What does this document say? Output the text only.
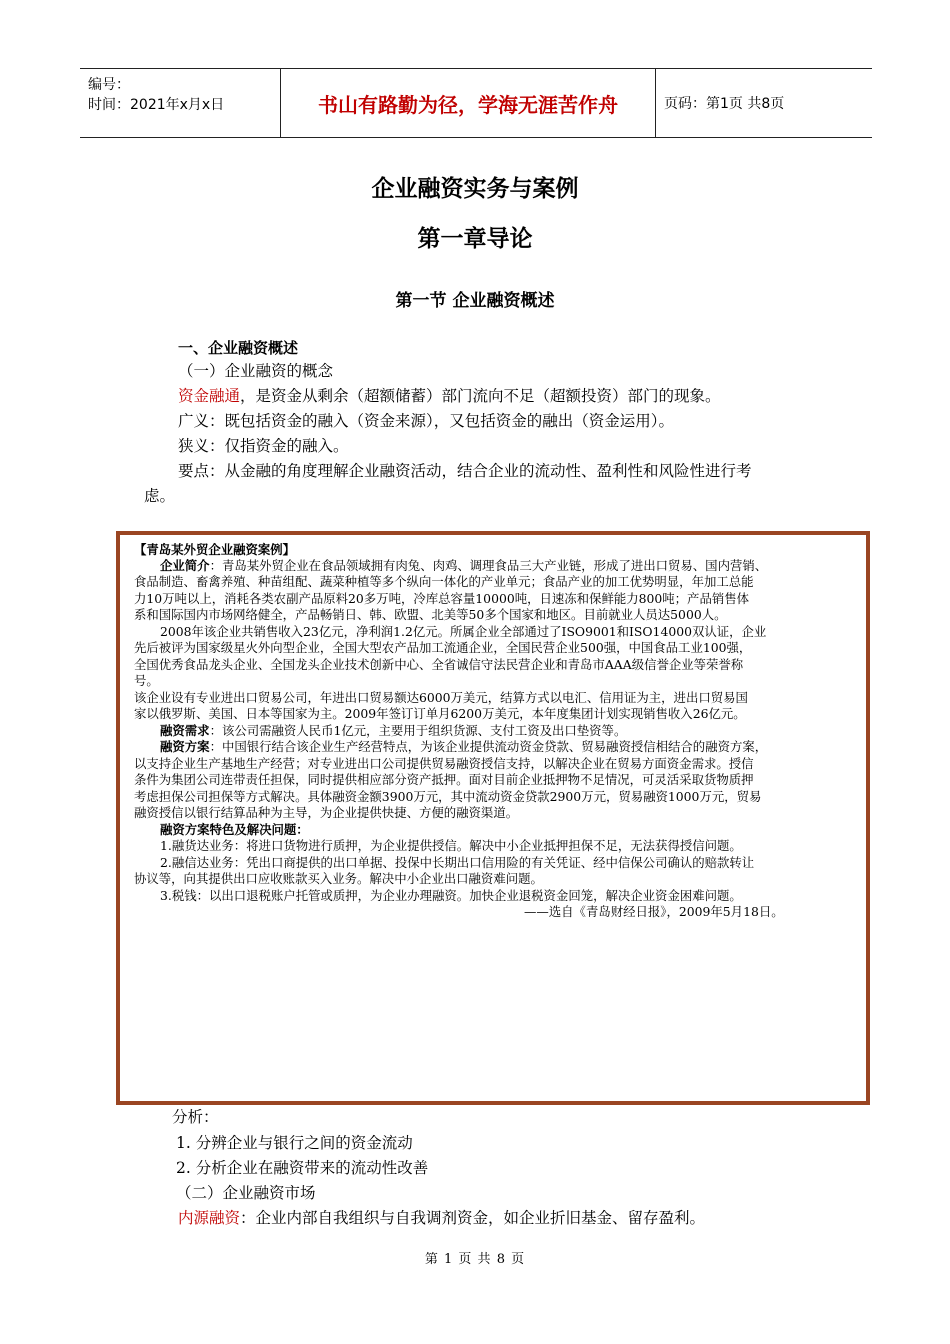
编号：
时间：2021年x月x日	书山有路勤为径，学海无涯苦作舟	页码：第1页 共8页
企业融资实务与案例
第一章导论
第一节 企业融资概述
一、企业融资概述
（一）企业融资的概念
资金融通，是资金从剩余（超额储蓄）部门流向不足（超额投资）部门的现象。
广义：既包括资金的融入（资金来源），又包括资金的融出（资金运用）。
狭义：仅指资金的融入。
要点：从金融的角度理解企业融资活动，结合企业的流动性、盈利性和风险性进行考
虑。
【青岛某外贸企业融资案例】
企业简介：青岛某外贸企业在食品领域拥有肉兔、肉鸡、调理食品三大产业链，形成了进出口贸易、国内营销、
食品制造、畜禽养殖、种苗组配、蔬菜种植等多个纵向一体化的产业单元；食品产业的加工优势明显，年加工总能
力10万吨以上，消耗各类农副产品原料20多万吨，冷库总容量10000吨，日速冻和保鲜能力800吨；产品销售体
系和国际国内市场网络健全，产品畅销日、韩、欧盟、北美等50多个国家和地区。目前就业人员达5000人。
2008年该企业共销售收入23亿元，净利润1.2亿元。所属企业全部通过了ISO9001和ISO14000双认证，企业
先后被评为国家级星火外向型企业，全国大型农产品加工流通企业，全国民营企业500强，中国食品工业100强，
全国优秀食品龙头企业、全国龙头企业技术创新中心、全省诚信守法民营企业和青岛市AAA级信誉企业等荣誉称
号。
该企业设有专业进出口贸易公司，年进出口贸易额达6000万美元，结算方式以电汇、信用证为主，进出口贸易国
家以俄罗斯、美国、日本等国家为主。2009年签订订单月6200万美元，本年度集团计划实现销售收入26亿元。
融资需求：该公司需融资人民币1亿元，主要用于组织货源、支付工资及出口垫资等。
融资方案：中国银行结合该企业生产经营特点，为该企业提供流动资金贷款、贸易融资授信相结合的融资方案，
以支持企业生产基地生产经营；对专业进出口公司提供贸易融资授信支持，以解决企业在贸易方面资金需求。授信
条件为集团公司连带责任担保，同时提供相应部分资产抵押。面对目前企业抵押物不足情况，可灵活采取货物质押
考虑担保公司担保等方式解决。具体融资金额3900万元，其中流动资金贷款2900万元，贸易融资1000万元，贸易
融资授信以银行结算品种为主导，为企业提供快捷、方便的融资渠道。
融资方案特色及解决问题：
1.融货达业务：将进口货物进行质押，为企业提供授信。解决中小企业抵押担保不足，无法获得授信问题。
2.融信达业务：凭出口商提供的出口单据、投保中长期出口信用险的有关凭证、经中信保公司确认的赔款转让
协议等，向其提供出口应收账款买入业务。解决中小企业出口融资难问题。
3.税钱：以出口退税账户托管或质押，为企业办理融资。加快企业退税资金回笼，解决企业资金困难问题。
——选自《青岛财经日报》，2009年5月18日。
分析：
1. 分辨企业与银行之间的资金流动
2. 分析企业在融资带来的流动性改善
（二）企业融资市场
内源融资：企业内部自我组织与自我调剂资金，如企业折旧基金、留存盈利。
第 1 页 共 8 页
